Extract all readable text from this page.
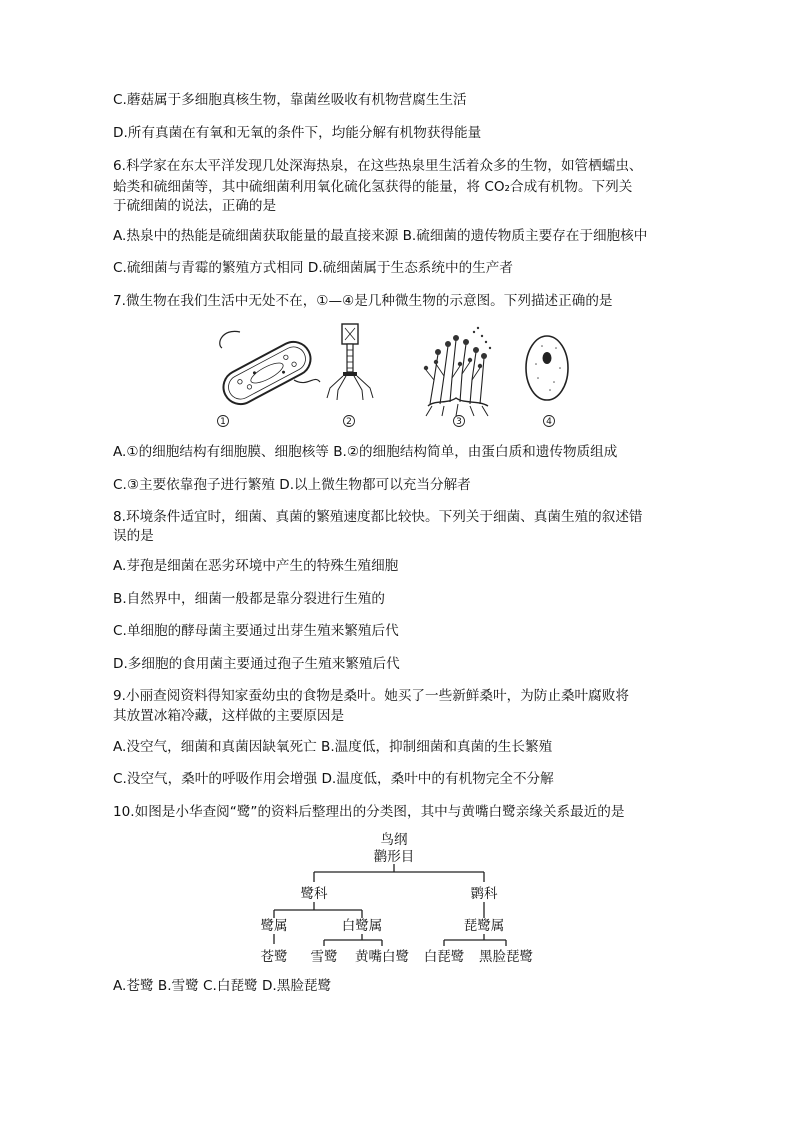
C.蘑菇属于多细胞真核生物，靠菌丝吸收有机物营腐生生活
D.所有真菌在有氧和无氧的条件下，均能分解有机物获得能量
6.科学家在东太平洋发现几处深海热泉，在这些热泉里生活着众多的生物，如管栖蠕虫、
蛤类和硫细菌等，其中硫细菌利用氧化硫化氢获得的能量，将 CO₂合成有机物。下列关
于硫细菌的说法，正确的是
A.热泉中的热能是硫细菌获取能量的最直接来源 B.硫细菌的遗传物质主要存在于细胞核中
C.硫细菌与青霉的繁殖方式相同 D.硫细菌属于生态系统中的生产者
7.微生物在我们生活中无处不在，①—④是几种微生物的示意图。下列描述正确的是
A.①的细胞结构有细胞膜、细胞核等 B.②的细胞结构简单，由蛋白质和遗传物质组成
C.③主要依靠孢子进行繁殖 D.以上微生物都可以充当分解者
8.环境条件适宜时，细菌、真菌的繁殖速度都比较快。下列关于细菌、真菌生殖的叙述错
误的是
A.芽孢是细菌在恶劣环境中产生的特殊生殖细胞
B.自然界中，细菌一般都是靠分裂进行生殖的
C.单细胞的酵母菌主要通过出芽生殖来繁殖后代
D.多细胞的食用菌主要通过孢子生殖来繁殖后代
9.小丽查阅资料得知家蚕幼虫的食物是桑叶。她买了一些新鲜桑叶，为防止桑叶腐败将
其放置冰箱冷藏，这样做的主要原因是
A.没空气，细菌和真菌因缺氧死亡 B.温度低，抑制细菌和真菌的生长繁殖
C.没空气，桑叶的呼吸作用会增强 D.温度低，桑叶中的有机物完全不分解
10.如图是小华查阅“鹭”的资料后整理出的分类图，其中与黄嘴白鹭亲缘关系最近的是
A.苍鹭 B.雪鹭 C.白琵鹭 D.黑脸琵鹭
1	2	3	4
鸟纲
鹳形目
鹭科	鹮科
鹭属	白鹭属	琵鹭属
苍鹭 雪鹭 黄嘴白鹭 白琵鹭 黑脸琵鹭
